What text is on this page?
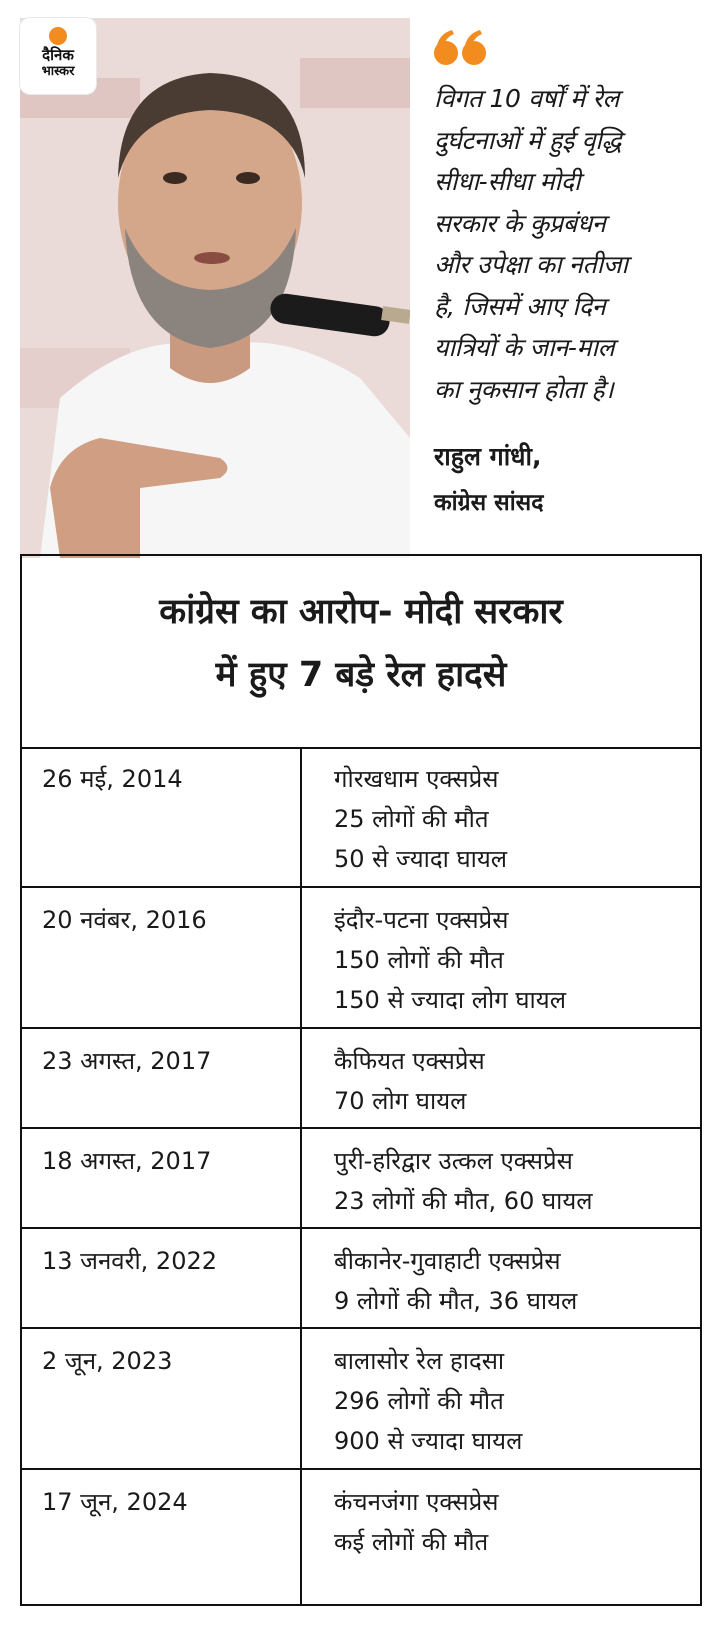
दैनिक
भास्कर
विगत 10 वर्षों में रेल
दुर्घटनाओं में हुई वृद्धि
सीधा-सीधा मोदी
सरकार के कुप्रबंधन
और उपेक्षा का नतीजा
है, जिसमें आए दिन
यात्रियों के जान-माल
का नुकसान होता है।
राहुल गांधी,
कांग्रेस सांसद
कांग्रेस का आरोप- मोदी सरकार
में हुए 7 बड़े रेल हादसे
26 मई, 2014	गोरखधाम एक्सप्रेस
25 लोगों की मौत
50 से ज्यादा घायल
20 नवंबर, 2016	इंदौर-पटना एक्सप्रेस
150 लोगों की मौत
150 से ज्यादा लोग घायल
23 अगस्त, 2017	कैफियत एक्सप्रेस
70 लोग घायल
18 अगस्त, 2017	पुरी-हरिद्वार उत्कल एक्सप्रेस
23 लोगों की मौत, 60 घायल
13 जनवरी, 2022	बीकानेर-गुवाहाटी एक्सप्रेस
9 लोगों की मौत, 36 घायल
2 जून, 2023	बालासोर रेल हादसा
296 लोगों की मौत
900 से ज्यादा घायल
17 जून, 2024	कंचनजंगा एक्सप्रेस
कई लोगों की मौत
